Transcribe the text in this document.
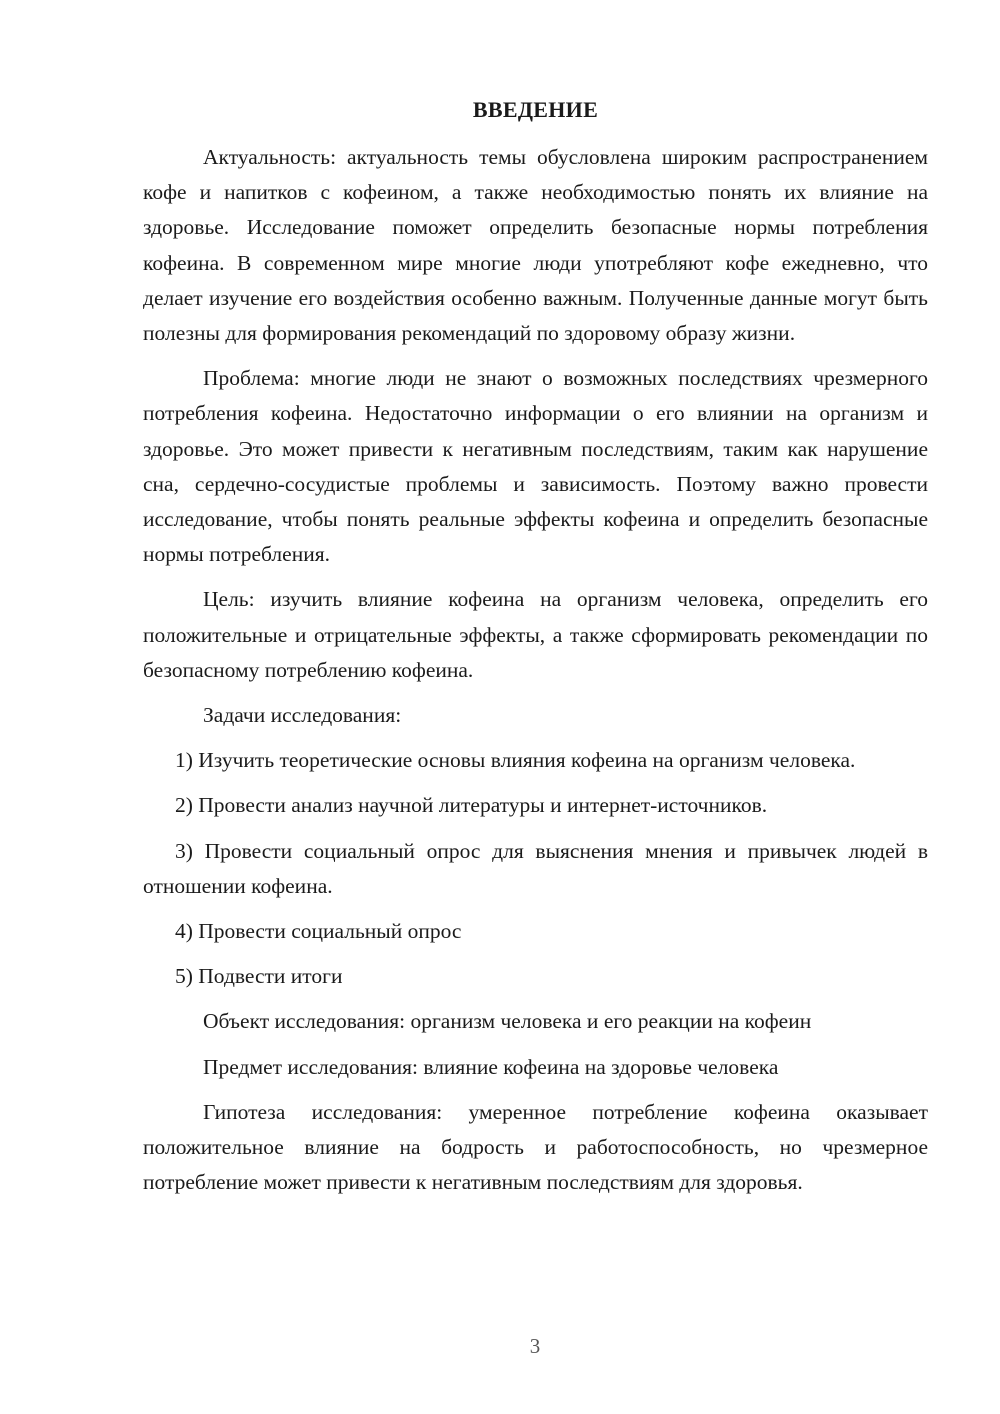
ВВЕДЕНИЕ

Актуальность: актуальность темы обусловлена широким распространением кофе и напитков с кофеином, а также необходимостью понять их влияние на здоровье. Исследование поможет определить безопасные нормы потребления кофеина. В современном мире многие люди употребляют кофе ежедневно, что делает изучение его воздействия особенно важным. Полученные данные могут быть полезны для формирования рекомендаций по здоровому образу жизни.

Проблема: многие люди не знают о возможных последствиях чрезмерного потребления кофеина. Недостаточно информации о его влиянии на организм и здоровье. Это может привести к негативным последствиям, таким как нарушение сна, сердечно-сосудистые проблемы и зависимость. Поэтому важно провести исследование, чтобы понять реальные эффекты кофеина и определить безопасные нормы потребления.

Цель: изучить влияние кофеина на организм человека, определить его положительные и отрицательные эффекты, а также сформировать рекомендации по безопасному потреблению кофеина.

Задачи исследования:

1) Изучить теоретические основы влияния кофеина на организм человека.

2) Провести анализ научной литературы и интернет-источников.

3) Провести социальный опрос для выяснения мнения и привычек людей в отношении кофеина.

4) Провести социальный опрос

5) Подвести итоги

Объект исследования: организм человека и его реакции на кофеин

Предмет исследования: влияние кофеина на здоровье человека

Гипотеза исследования: умеренное потребление кофеина оказывает положительное влияние на бодрость и работоспособность, но чрезмерное потребление может привести к негативным последствиям для здоровья.

3
